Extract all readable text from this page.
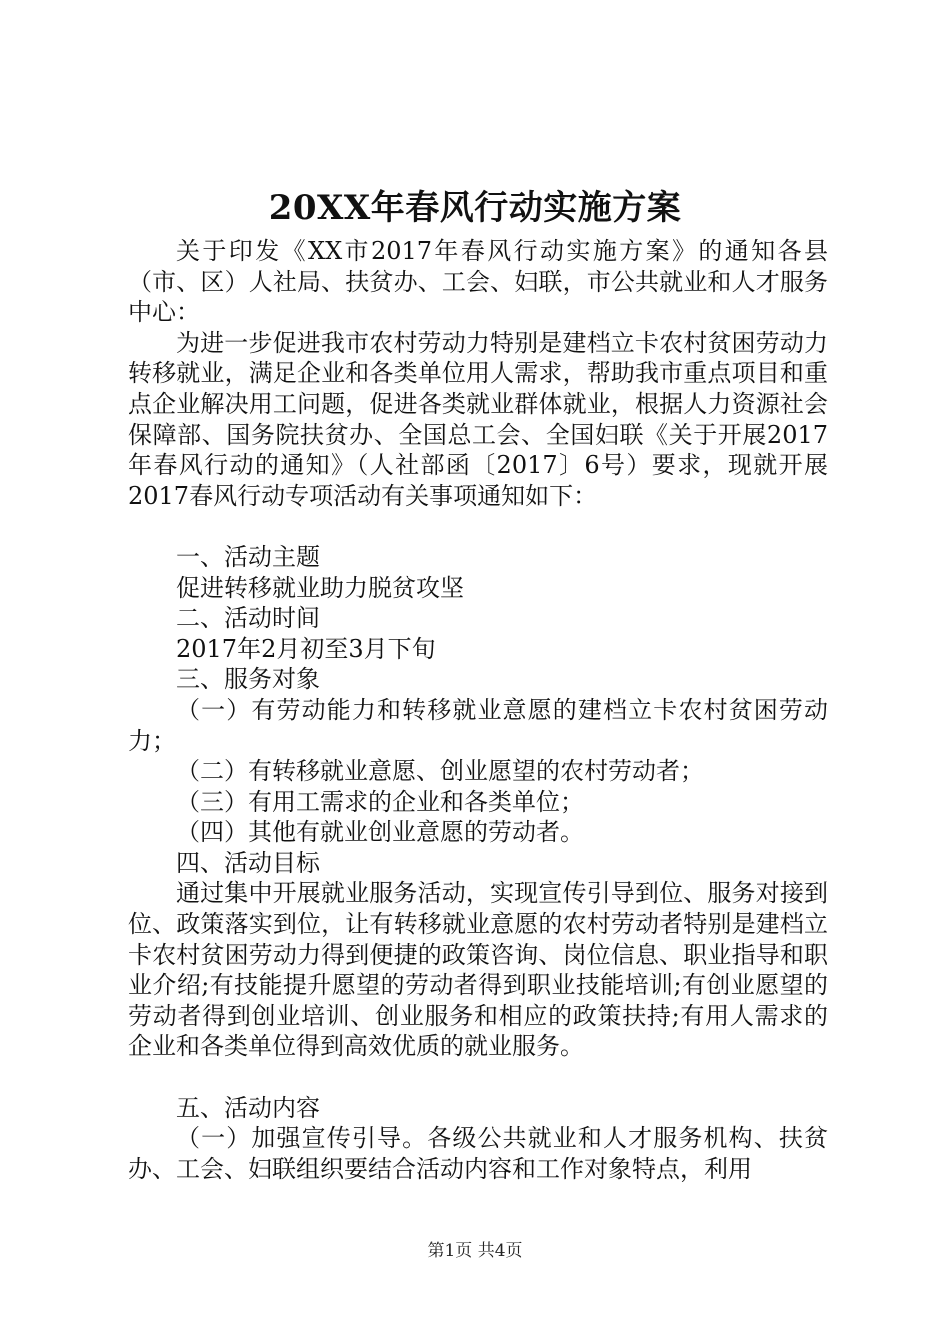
20XX年春风行动实施方案

关于印发《XX市2017年春风行动实施方案》的通知各县（市、区）人社局、扶贫办、工会、妇联，市公共就业和人才服务中心：

为进一步促进我市农村劳动力特别是建档立卡农村贫困劳动力转移就业，满足企业和各类单位用人需求，帮助我市重点项目和重点企业解决用工问题，促进各类就业群体就业，根据人力资源社会保障部、国务院扶贫办、全国总工会、全国妇联《关于开展2017年春风行动的通知》（人社部函〔2017〕6号）要求，现就开展2017春风行动专项活动有关事项通知如下：

一、活动主题

促进转移就业助力脱贫攻坚

二、活动时间

2017年2月初至3月下旬

三、服务对象

（一）有劳动能力和转移就业意愿的建档立卡农村贫困劳动力；

（二）有转移就业意愿、创业愿望的农村劳动者；

（三）有用工需求的企业和各类单位；

（四）其他有就业创业意愿的劳动者。

四、活动目标

通过集中开展就业服务活动，实现宣传引导到位、服务对接到位、政策落实到位，让有转移就业意愿的农村劳动者特别是建档立卡农村贫困劳动力得到便捷的政策咨询、岗位信息、职业指导和职业介绍;有技能提升愿望的劳动者得到职业技能培训;有创业愿望的劳动者得到创业培训、创业服务和相应的政策扶持;有用人需求的企业和各类单位得到高效优质的就业服务。

五、活动内容

（一）加强宣传引导。各级公共就业和人才服务机构、扶贫办、工会、妇联组织要结合活动内容和工作对象特点，利用

第1页 共4页
